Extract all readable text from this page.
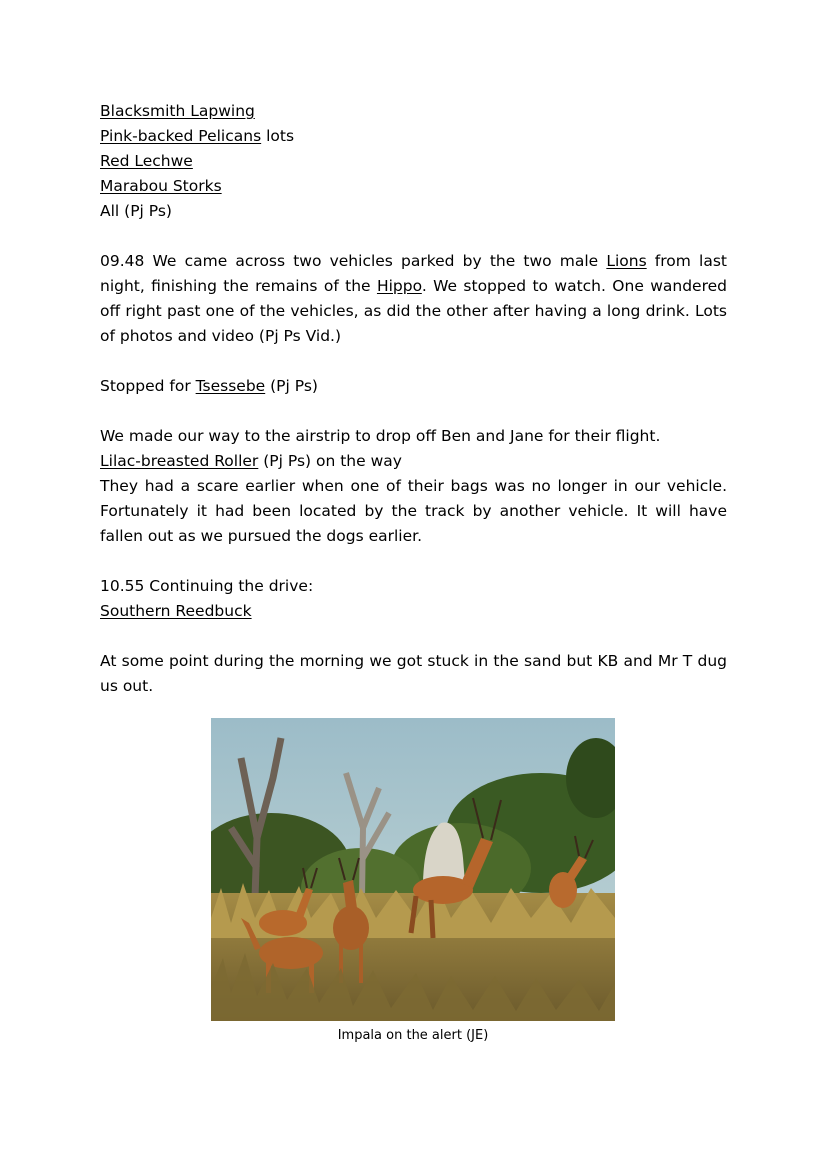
Blacksmith Lapwing
Pink-backed Pelicans lots
Red Lechwe
Marabou Storks
All (Pj Ps)

09.48 We came across two vehicles parked by the two male Lions from last night, finishing the remains of the Hippo. We stopped to watch. One wandered off right past one of the vehicles, as did the other after having a long drink. Lots of photos and video (Pj Ps Vid.)

Stopped for Tsessebe (Pj Ps)

We made our way to the airstrip to drop off Ben and Jane for their flight.
Lilac-breasted Roller (Pj Ps) on the way
They had a scare earlier when one of their bags was no longer in our vehicle. Fortunately it had been located by the track by another vehicle. It will have fallen out as we pursued the dogs earlier.

10.55 Continuing the drive:
Southern Reedbuck

At some point during the morning we got stuck in the sand but KB and Mr T dug us out.

Impala on the alert (JE)
